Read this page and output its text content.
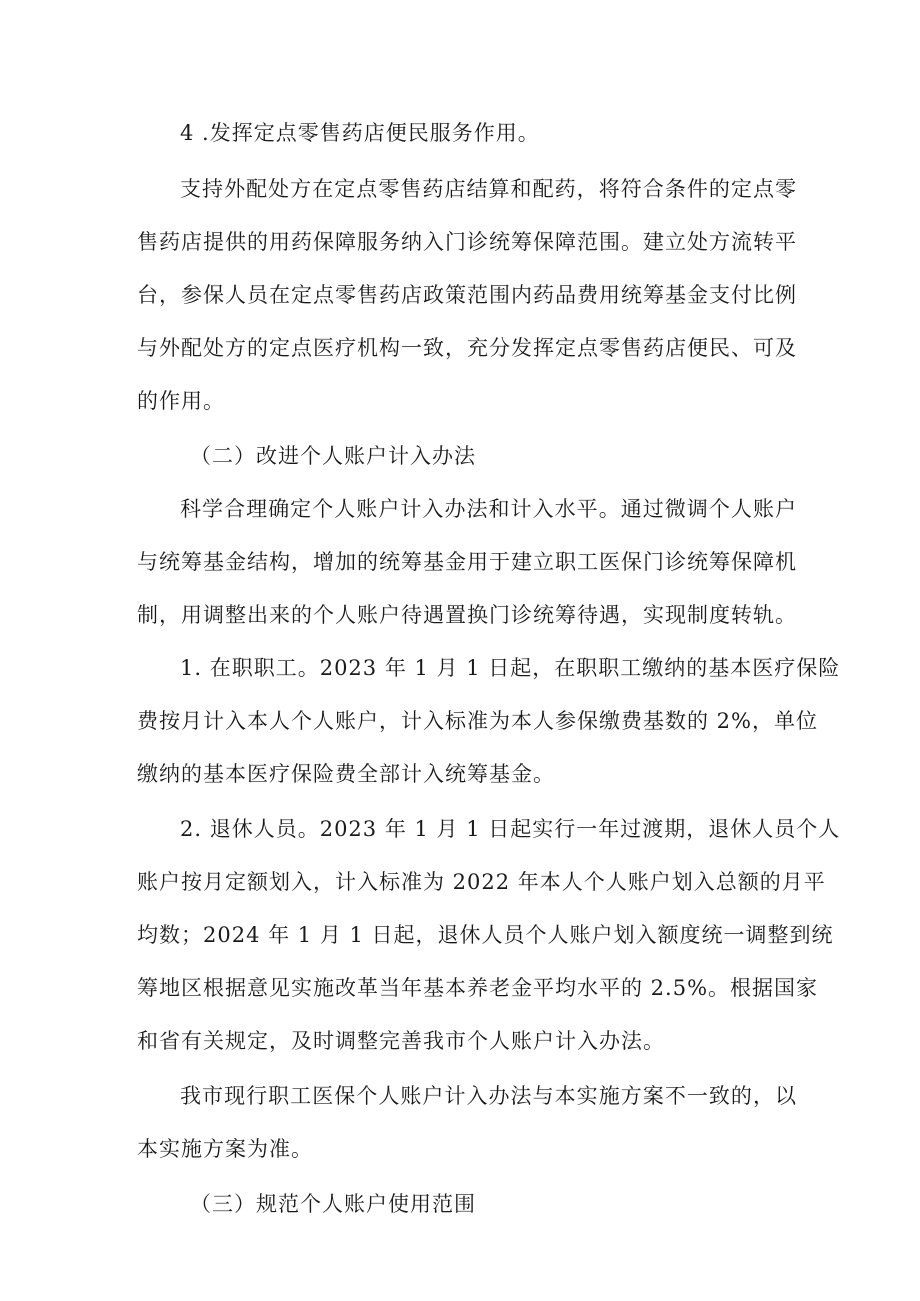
4 .发挥定点零售药店便民服务作用。
支持外配处方在定点零售药店结算和配药，将符合条件的定点零
售药店提供的用药保障服务纳入门诊统筹保障范围。建立处方流转平
台，参保人员在定点零售药店政策范围内药品费用统筹基金支付比例
与外配处方的定点医疗机构一致，充分发挥定点零售药店便民、可及
的作用。
（二）改进个人账户计入办法
科学合理确定个人账户计入办法和计入水平。通过微调个人账户
与统筹基金结构，增加的统筹基金用于建立职工医保门诊统筹保障机
制，用调整出来的个人账户待遇置换门诊统筹待遇，实现制度转轨。
1. 在职职工。2023 年 1 月 1 日起，在职职工缴纳的基本医疗保险
费按月计入本人个人账户，计入标准为本人参保缴费基数的 2%，单位
缴纳的基本医疗保险费全部计入统筹基金。
2. 退休人员。2023 年 1 月 1 日起实行一年过渡期，退休人员个人
账户按月定额划入，计入标准为 2022 年本人个人账户划入总额的月平
均数；2024 年 1 月 1 日起，退休人员个人账户划入额度统一调整到统
筹地区根据意见实施改革当年基本养老金平均水平的 2.5%。根据国家
和省有关规定，及时调整完善我市个人账户计入办法。
我市现行职工医保个人账户计入办法与本实施方案不一致的，以
本实施方案为准。
（三）规范个人账户使用范围
